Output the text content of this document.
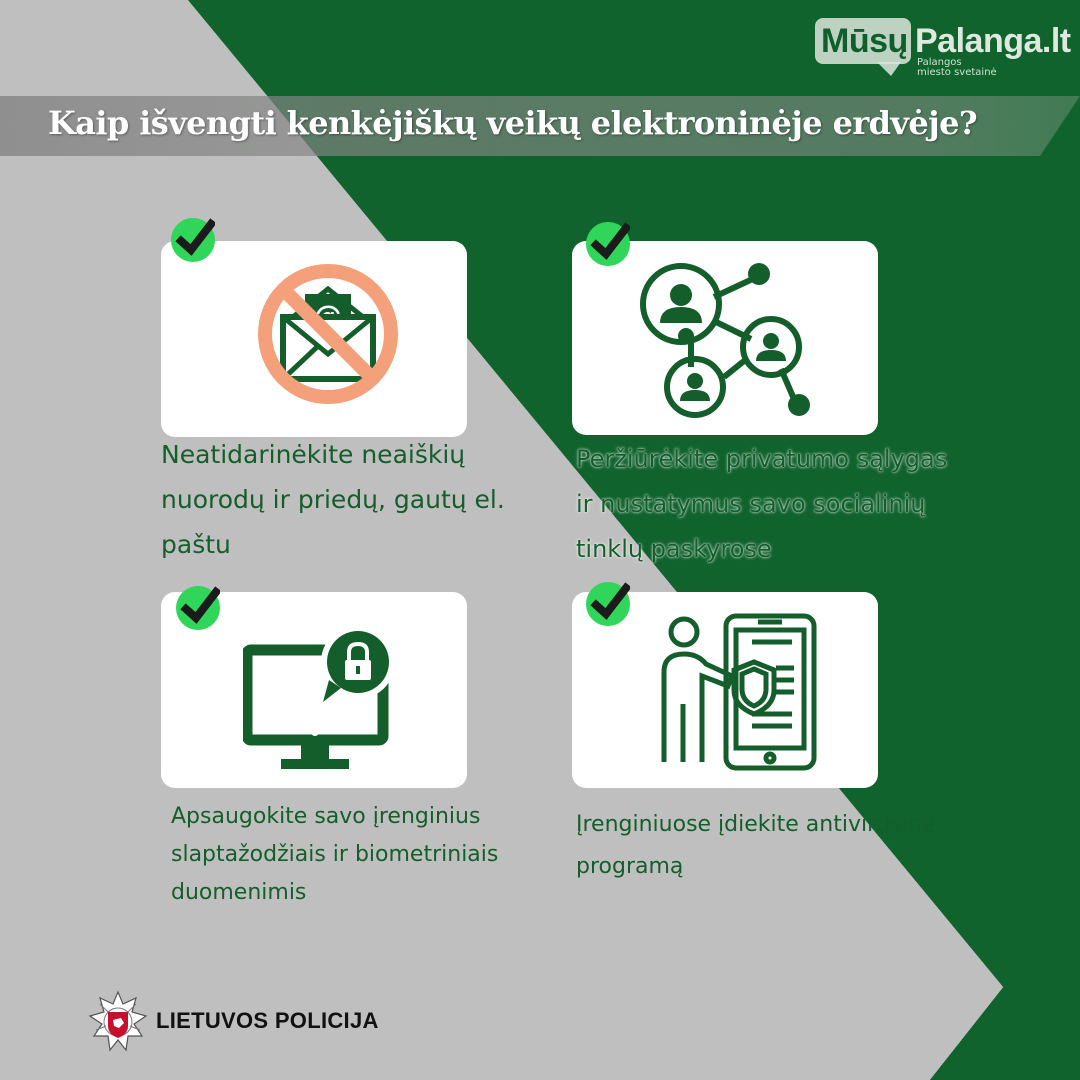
Mūsų Palanga.lt
Palangos miesto svetainė
Kaip išvengti kenkėjiškų veikų elektroninėje erdvėje?
Neatidarinėkite neaiškių
nuorodų ir priedų, gautų el.
paštu
Peržiūrėkite privatumo sąlygas
ir nustatymus savo socialinių
tinklų paskyrose
Apsaugokite savo įrenginius
slaptažodžiais ir biometriniais
duomenimis
Įrenginiuose įdiekite antivirusinę
programą
LIETUVOS POLICIJA
